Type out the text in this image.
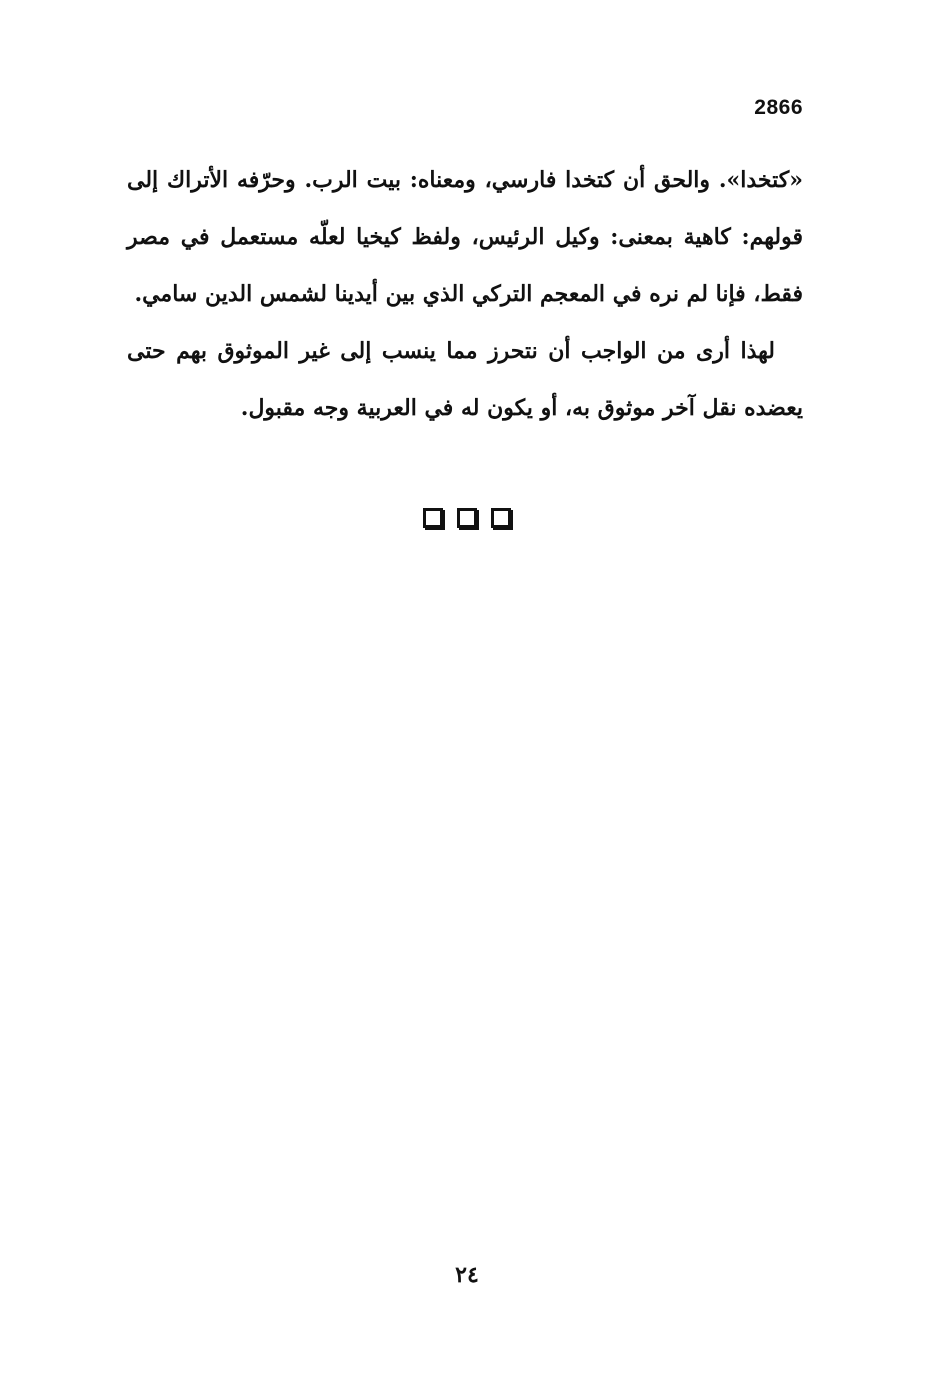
2866

«كتخدا». والحق أن كتخدا فارسي، ومعناه: بيت الرب. وحرّفه الأتراك إلى قولهم: كاهية بمعنى: وكيل الرئيس، ولفظ كيخيا لعلّه مستعمل في مصر فقط، فإنا لم نره في المعجم التركي الذي بين أيدينا لشمس الدين سامي.

لهذا أرى من الواجب أن نتحرز مما ينسب إلى غير الموثوق بهم حتى يعضده نقل آخر موثوق به، أو يكون له في العربية وجه مقبول.

٢٤
